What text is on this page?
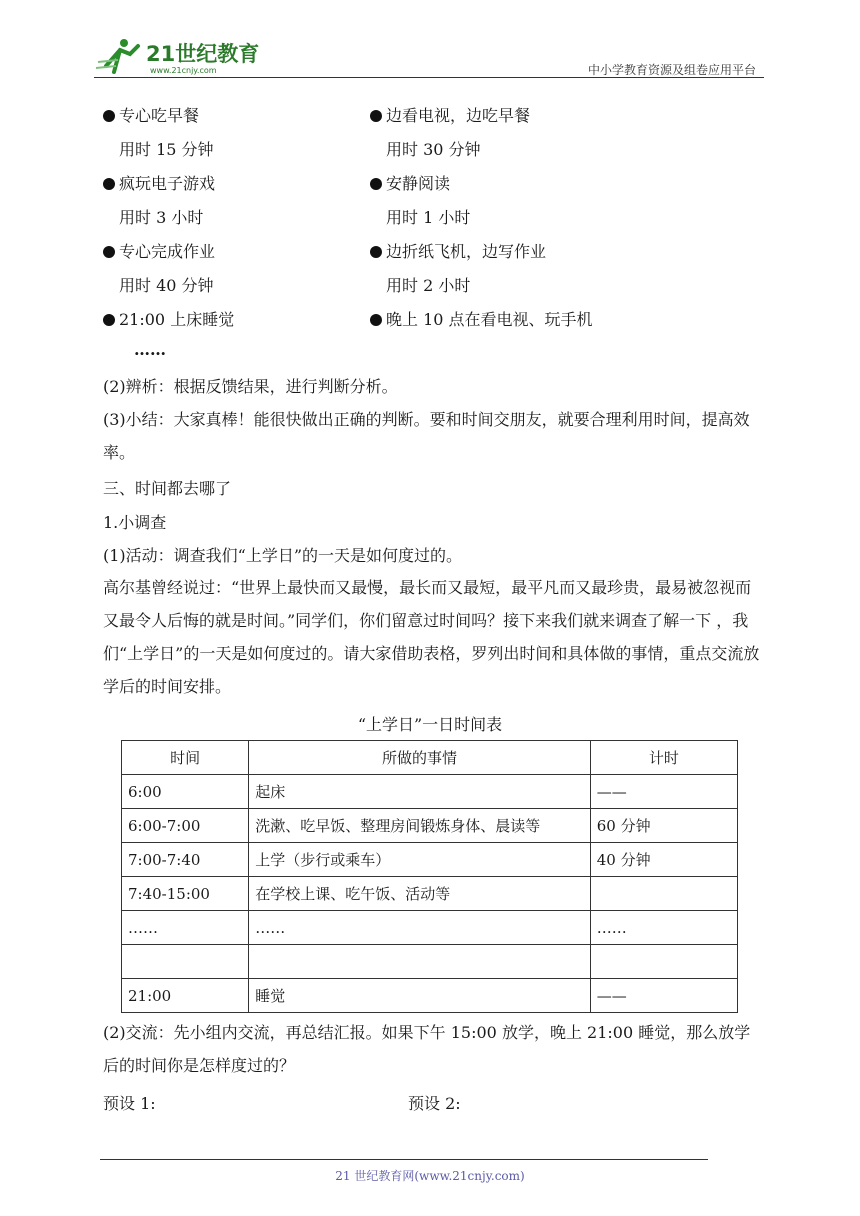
21世纪教育
www.21cnjy.com	中小学教育资源及组卷应用平台
专心吃早餐	边看电视，边吃早餐
用时 15 分钟	用时 30 分钟
疯玩电子游戏	安静阅读
用时 3 小时	用时 1 小时
专心完成作业	边折纸飞机，边写作业
用时 40 分钟	用时 2 小时
21:00 上床睡觉	晚上 10 点在看电视、玩手机
……
(2)辨析：根据反馈结果，进行判断分析。
(3)小结：大家真棒！能很快做出正确的判断。要和时间交朋友，就要合理利用时间，提高效率。
三、时间都去哪了
1.小调查
(1)活动：调查我们“上学日”的一天是如何度过的。
高尔基曾经说过：“世界上最快而又最慢，最长而又最短，最平凡而又最珍贵，最易被忽视而又最令人后悔的就是时间。”同学们，你们留意过时间吗？接下来我们就来调查了解一下 ，我们“上学日”的一天是如何度过的。请大家借助表格，罗列出时间和具体做的事情，重点交流放学后的时间安排。
“上学日”一日时间表
时间	所做的事情	计时
6:00	起床	——
6:00-7:00	洗漱、吃早饭、整理房间锻炼身体、晨读等	60 分钟
7:00-7:40	上学（步行或乘车）	40 分钟
7:40-15:00	在学校上课、吃午饭、活动等	
……	……	……

21:00	睡觉	——
(2)交流：先小组内交流，再总结汇报。如果下午 15:00 放学，晚上 21:00 睡觉，那么放学后的时间你是怎样度过的？
预设 1:	预设 2:
21 世纪教育网(www.21cnjy.com)
